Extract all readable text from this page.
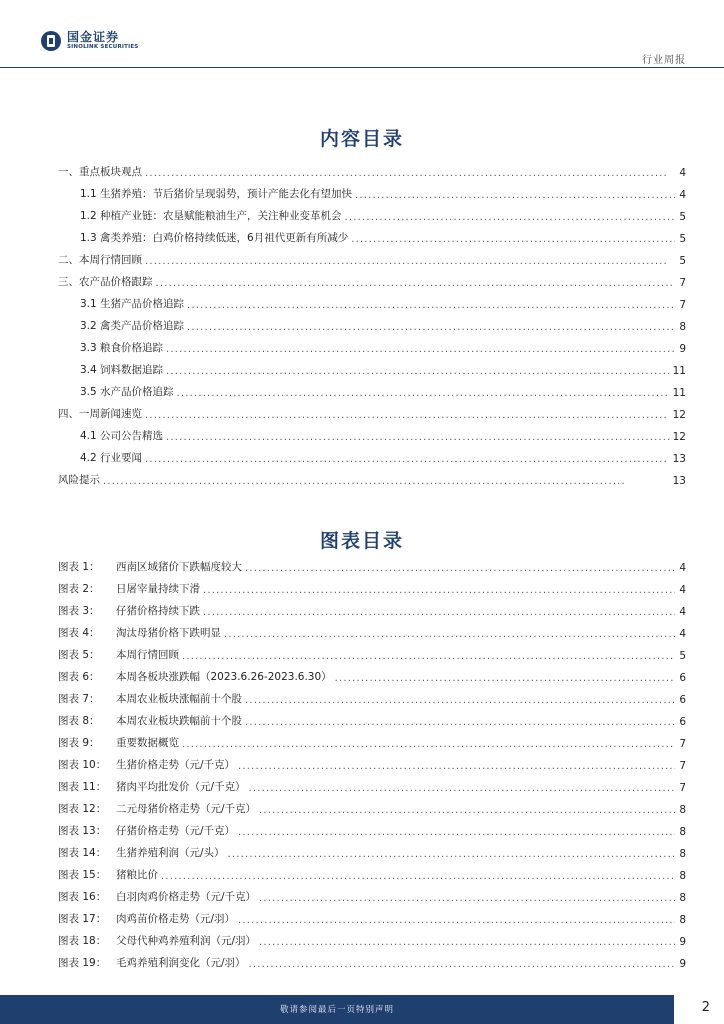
国金证券
SINOLINK SECURITIES
行业周报
内容目录
一、重点板块观点 . . .	4
1.1 生猪养殖：节后猪价呈现弱势，预计产能去化有望加快 . . .	4
1.2 种植产业链：农垦赋能粮油生产，关注种业变革机会 . . .	5
1.3 禽类养殖：白鸡价格持续低迷，6月祖代更新有所减少 . . .	5
二、本周行情回顾 . . .	5
三、农产品价格跟踪 . . .	7
3.1 生猪产品价格追踪 . . .	7
3.2 禽类产品价格追踪 . . .	8
3.3 粮食价格追踪 . . .	9
3.4 饲料数据追踪 . . .	11
3.5 水产品价格追踪 . . .	11
四、一周新闻速览 . . .	12
4.1 公司公告精选 . . .	12
4.2 行业要闻 . . .	13
风险提示 . . .	13
图表目录
图表 1： 西南区域猪价下跌幅度较大 . . .	4
图表 2： 日屠宰量持续下滑 . . .	4
图表 3： 仔猪价格持续下跌 . . .	4
图表 4： 淘汰母猪价格下跌明显 . . .	4
图表 5： 本周行情回顾 . . .	5
图表 6： 本周各板块涨跌幅（2023.6.26-2023.6.30） . . .	6
图表 7： 本周农业板块涨幅前十个股 . . .	6
图表 8： 本周农业板块跌幅前十个股 . . .	6
图表 9： 重要数据概览 . . .	7
图表 10： 生猪价格走势（元/千克） . . .	7
图表 11： 猪肉平均批发价（元/千克） . . .	7
图表 12： 二元母猪价格走势（元/千克） . . .	8
图表 13： 仔猪价格走势（元/千克） . . .	8
图表 14： 生猪养殖利润（元/头） . . .	8
图表 15： 猪粮比价 . . .	8
图表 16： 白羽肉鸡价格走势（元/千克） . . .	8
图表 17： 肉鸡苗价格走势（元/羽） . . .	8
图表 18： 父母代种鸡养殖利润（元/羽） . . .	9
图表 19： 毛鸡养殖利润变化（元/羽） . . .	9
敬请参阅最后一页特别声明	2
